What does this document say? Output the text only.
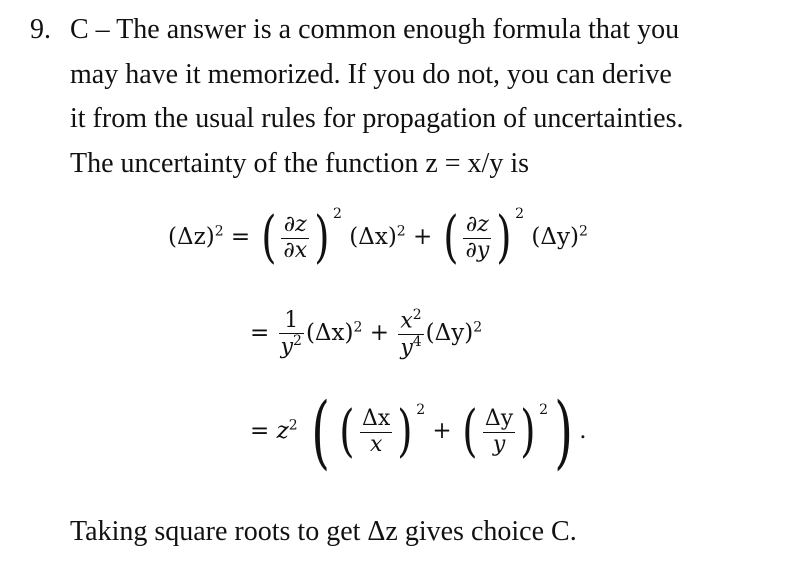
9. C – The answer is a common enough formula that you
may have it memorized. If you do not, you can derive
it from the usual rules for propagation of uncertainties.
The uncertainty of the function z = x/y is
$(\Delta z)^2$ = ( $\frac{\partial z}{\partial x}$ ) $^2$ $(\Delta x)^2$ + ( $\frac{\partial z}{\partial y}$ ) $^2$ $(\Delta y)^2$
= $\frac{1}{y^2} (\Delta x)^2 + \frac{x^2}{y^4} (\Delta y)^2$
= $z^2$ ( ( $\frac{\Delta x}{x}$ ) $^2$ + ( $\frac{\Delta y}{y}$ ) $^2$) .
Taking square roots to get Δz gives choice C.
